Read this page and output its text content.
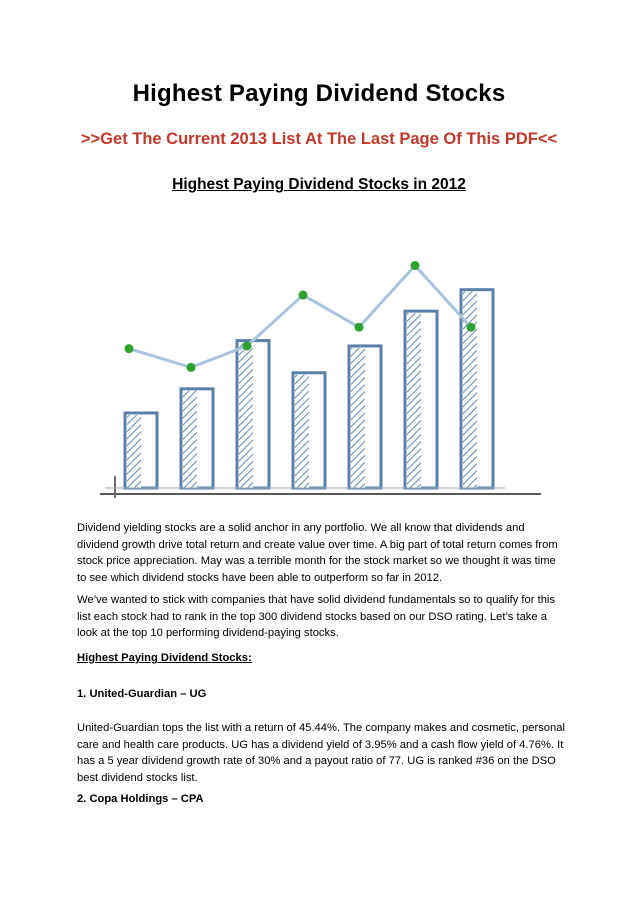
Highest Paying Dividend Stocks
>>Get The Current 2013 List At The Last Page Of This PDF<<
Highest Paying Dividend Stocks in 2012
Dividend yielding stocks are a solid anchor in any portfolio. We all know that dividends and dividend growth drive total return and create value over time. A big part of total return comes from stock price appreciation. May was a terrible month for the stock market so we thought it was time to see which dividend stocks have been able to outperform so far in 2012.
We’ve wanted to stick with companies that have solid dividend fundamentals so to qualify for this list each stock had to rank in the top 300 dividend stocks based on our DSO rating. Let’s take a look at the top 10 performing dividend-paying stocks.
Highest Paying Dividend Stocks:
1. United-Guardian – UG
United-Guardian tops the list with a return of 45.44%. The company makes and cosmetic, personal care and health care products. UG has a dividend yield of 3.95% and a cash flow yield of 4.76%. It has a 5 year dividend growth rate of 30% and a payout ratio of 77. UG is ranked #36 on the DSO best dividend stocks list.
2. Copa Holdings – CPA
